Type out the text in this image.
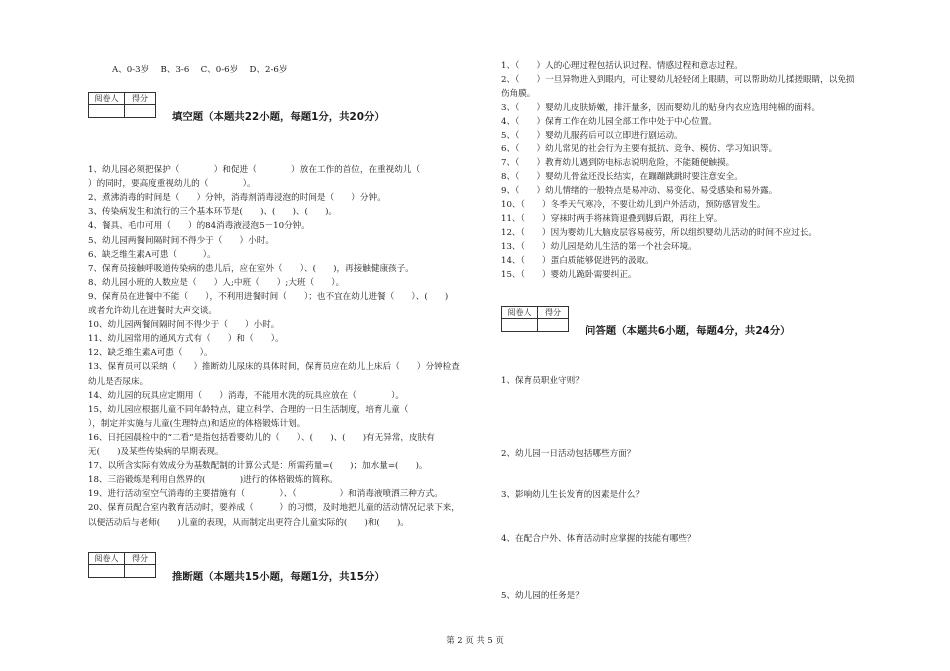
A、0-3岁　 B、3-6　 C、0-6岁　 D、2-6岁
阅卷人	得分
填空题（本题共22小题，每题1分，共20分）
1、幼儿园必须把保护（　　　　）和促进（　　　　）放在工作的首位，在重视幼儿（
）的同时，要高度重视幼儿的（　　　　）。
2、煮沸消毒的时间是（　　）分钟，消毒剂消毒浸泡的时间是（　　）分钟。
3、传染病发生和流行的三个基本环节是(　　)、(　　)、(　　)。
4、餐具、毛巾可用（　　）的84消毒液浸泡5－10分钟。
5、幼儿园两餐间隔时间不得少于（　　）小时。
6、缺乏维生素A可患（　　　）。
7、保育员接触呼吸道传染病的患儿后，应在室外（　　）、(　　)，再接触健康孩子。
8、幼儿园小班的人数应是（　　）人;中班（　　）;大班（　　）。
9、保育员在进餐中不能（　　），不利用进餐时间（　　）；也不宜在幼儿进餐（　　）、(　　)
或者允许幼儿在进餐时大声交谈。
10、幼儿园两餐间隔时间不得少于（　　）小时。
11、幼儿园常用的通风方式有（　　）和（　　）。
12、缺乏维生素A可患（　　）。
13、保育员可以采纳（　　）推断幼儿尿床的具体时间，保育员应在幼儿上床后（　　）分钟检查
幼儿是否尿床。
14、幼儿园的玩具应定期用（　　）消毒，不能用水洗的玩具应放在（　　　　）。
15、幼儿园应根据儿童不同年龄特点，建立科学、合理的一日生活制度，培育儿童（
），制定并实施与儿童(生理特点)和适应的体格锻炼计划。
16、日托园晨检中的“二看”是指包括看婴幼儿的（　　）、(　　)、(　　)有无异常，皮肤有
无(　　)及某些传染病的早期表现。
17、以所含实际有效成分为基数配制的计算公式是：所需药量=(　　)；加水量=(　　)。
18、三浴锻炼是利用自然界的(　　　　)进行的体格锻炼的简称。
19、进行活动室空气消毒的主要措施有（　　　　）、（　　　　　）和消毒液喷洒三种方式。
20、保育员配合室内教育活动时，要养成（　　　）的习惯，及时地把儿童的活动情况记录下来，
以便活动后与老师(　　)儿童的表现，从而制定出更符合儿童实际的(　　)和(　　)。
阅卷人	得分
推断题（本题共15小题，每题1分，共15分）
1、（　　）人的心理过程包括认识过程、情感过程和意志过程。
2、（　　）一旦异物进入到眼内，可让婴幼儿轻轻闭上眼睛，可以帮助幼儿揉搓眼睛，以免损
伤角膜。
3、（　　）婴幼儿皮肤娇嫩，排汗量多，因而婴幼儿的贴身内衣应选用纯棉的面料。
4、（　　）保育工作在幼儿园全部工作中处于中心位置。
5、（　　）婴幼儿服药后可以立即进行剧运动。
6、（　　）幼儿常见的社会行为主要有抵抗、竞争、模仿、学习知识等。
7、（　　）教育幼儿遇到防电标志说明危险，不能随便触摸。
8、（　　）婴幼儿骨盆还没长结实，在蹦蹦跳跳时要注意安全。
9、（　　）幼儿情绪的一般特点是易冲动、易变化、易受感染和易外露。
10、（　　）冬季天气寒冷，不要让幼儿到户外活动，预防感冒发生。
11、（　　）穿袜时两手将袜筒退叠到脚后跟，再往上穿。
12、（　　）因为婴幼儿大脑皮层容易疲劳，所以组织婴幼儿活动的时间不应过长。
13、（　　）幼儿园是幼儿生活的第一个社会环境。
14、（　　）蛋白质能够促进钙的汲取。
15、（　　）婴幼儿跪卧需要纠正。
阅卷人	得分
问答题（本题共6小题，每题4分，共24分）
1、保育员职业守则？
2、幼儿园一日活动包括哪些方面？
3、影响幼儿生长发育的因素是什么？
4、在配合户外、体育活动时应掌握的技能有哪些？
5、幼儿园的任务是？
第 2 页 共 5 页
